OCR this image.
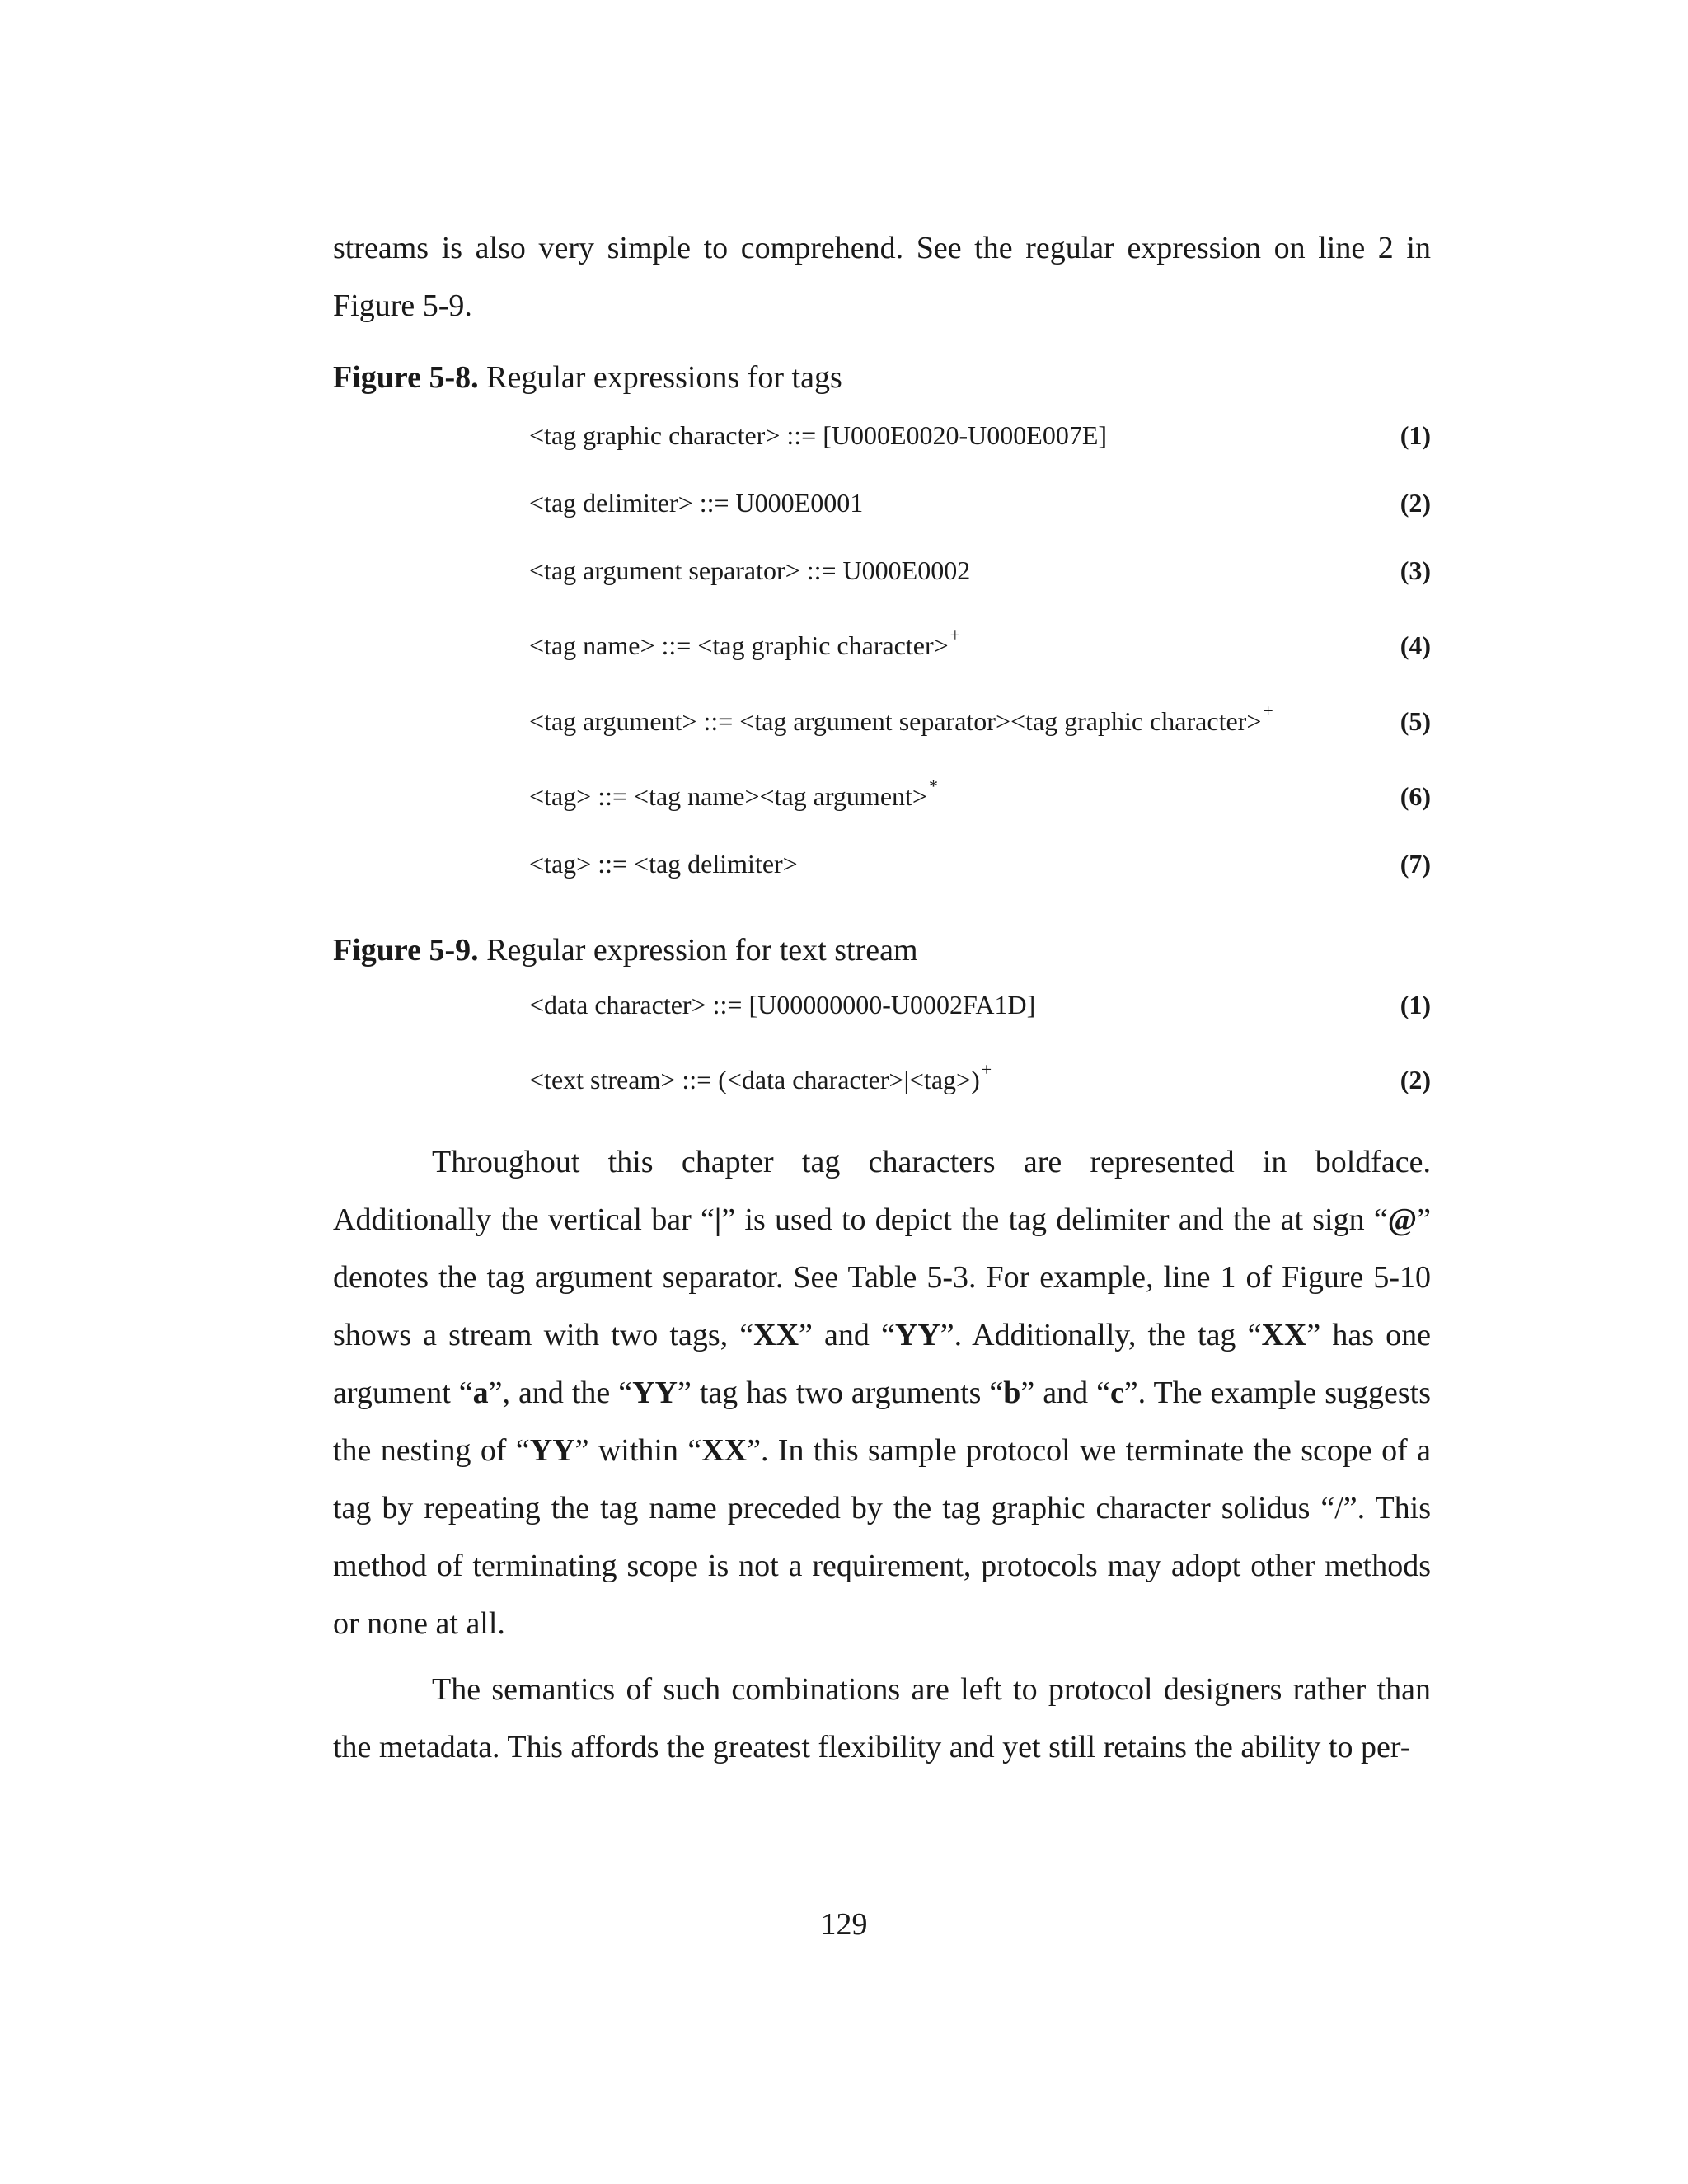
streams is also very simple to comprehend. See the regular expression on line 2 in Figure 5-9.
Figure 5-8. Regular expressions for tags
<tag graphic character> ::= [U000E0020-U000E007E]	(1)
<tag delimiter> ::= U000E0001	(2)
<tag argument separator> ::= U000E0002	(3)
<tag name> ::= <tag graphic character>+	(4)
<tag argument> ::= <tag argument separator><tag graphic character>+	(5)
<tag> ::= <tag name><tag argument>*	(6)
<tag> ::= <tag delimiter>	(7)
Figure 5-9. Regular expression for text stream
<data character> ::= [U00000000-U0002FA1D]	(1)
<text stream> ::= (<data character>|<tag>)+	(2)
Throughout this chapter tag characters are represented in boldface. Additionally the vertical bar “|” is used to depict the tag delimiter and the at sign “@” denotes the tag argument separator. See Table 5-3. For example, line 1 of Figure 5-10 shows a stream with two tags, “XX” and “YY”. Additionally, the tag “XX” has one argument “a”, and the “YY” tag has two arguments “b” and “c”. The example suggests the nesting of “YY” within “XX”. In this sample protocol we terminate the scope of a tag by repeating the tag name preceded by the tag graphic character solidus “/”. This method of terminating scope is not a requirement, protocols may adopt other methods or none at all.
The semantics of such combinations are left to protocol designers rather than the metadata. This affords the greatest flexibility and yet still retains the ability to per-
129
